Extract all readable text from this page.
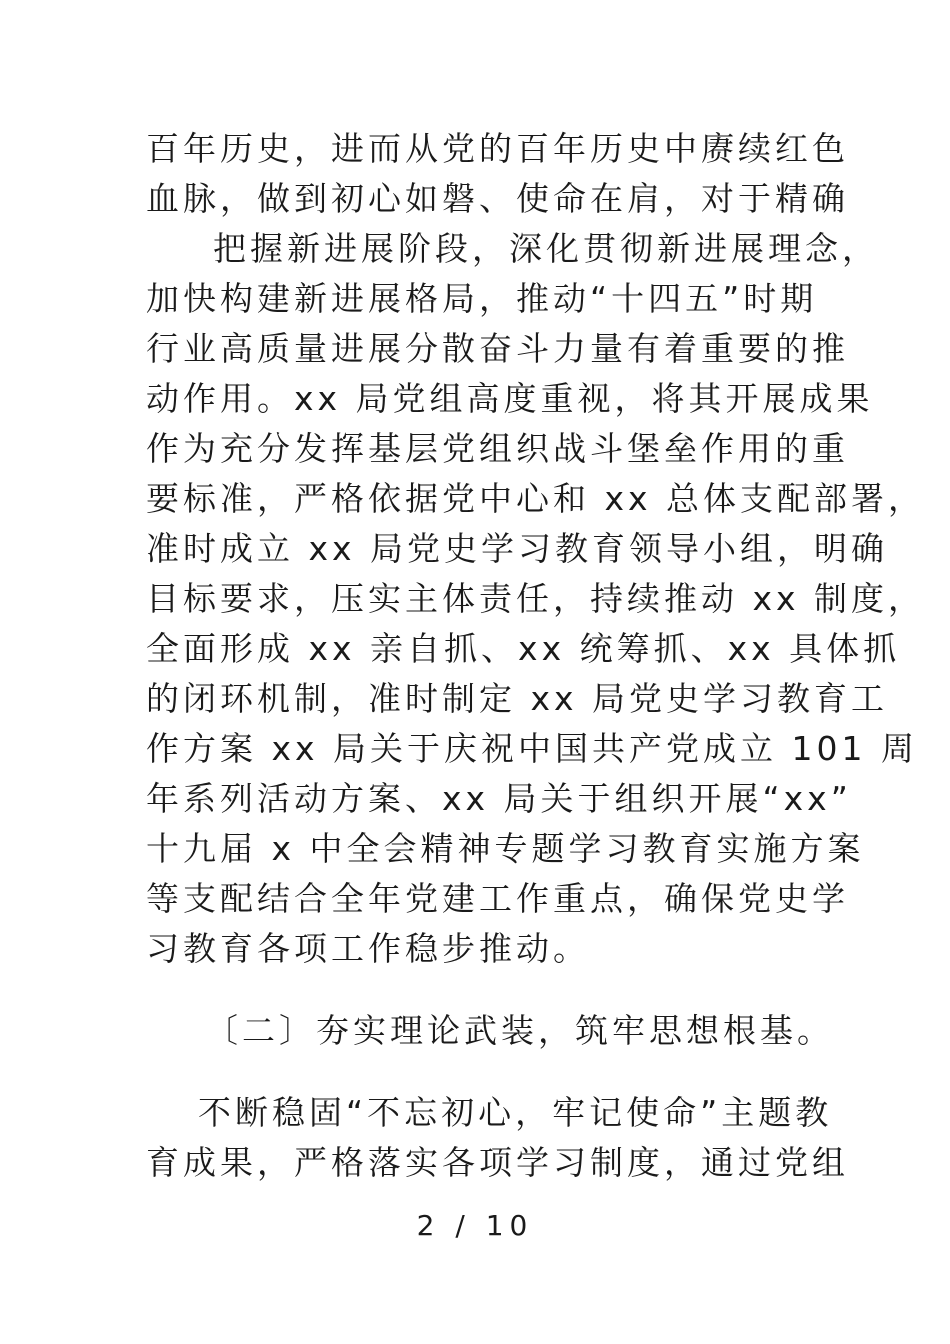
百年历史，进而从党的百年历史中赓续红色
血脉，做到初心如磐、使命在肩，对于精确
把握新进展阶段，深化贯彻新进展理念，
加快构建新进展格局，推动“十四五”时期
行业高质量进展分散奋斗力量有着重要的推
动作用。xx 局党组高度重视，将其开展成果
作为充分发挥基层党组织战斗堡垒作用的重
要标准，严格依据党中心和 xx 总体支配部署，
准时成立 xx 局党史学习教育领导小组，明确
目标要求，压实主体责任，持续推动 xx 制度，
全面形成 xx 亲自抓、xx 统筹抓、xx 具体抓
的闭环机制，准时制定 xx 局党史学习教育工
作方案 xx 局关于庆祝中国共产党成立 101 周
年系列活动方案、xx 局关于组织开展“xx”
十九届 x 中全会精神专题学习教育实施方案
等支配结合全年党建工作重点，确保党史学
习教育各项工作稳步推动。
〔二〕夯实理论武装，筑牢思想根基。
不断稳固“不忘初心，牢记使命”主题教
育成果，严格落实各项学习制度，通过党组
2 / 10
